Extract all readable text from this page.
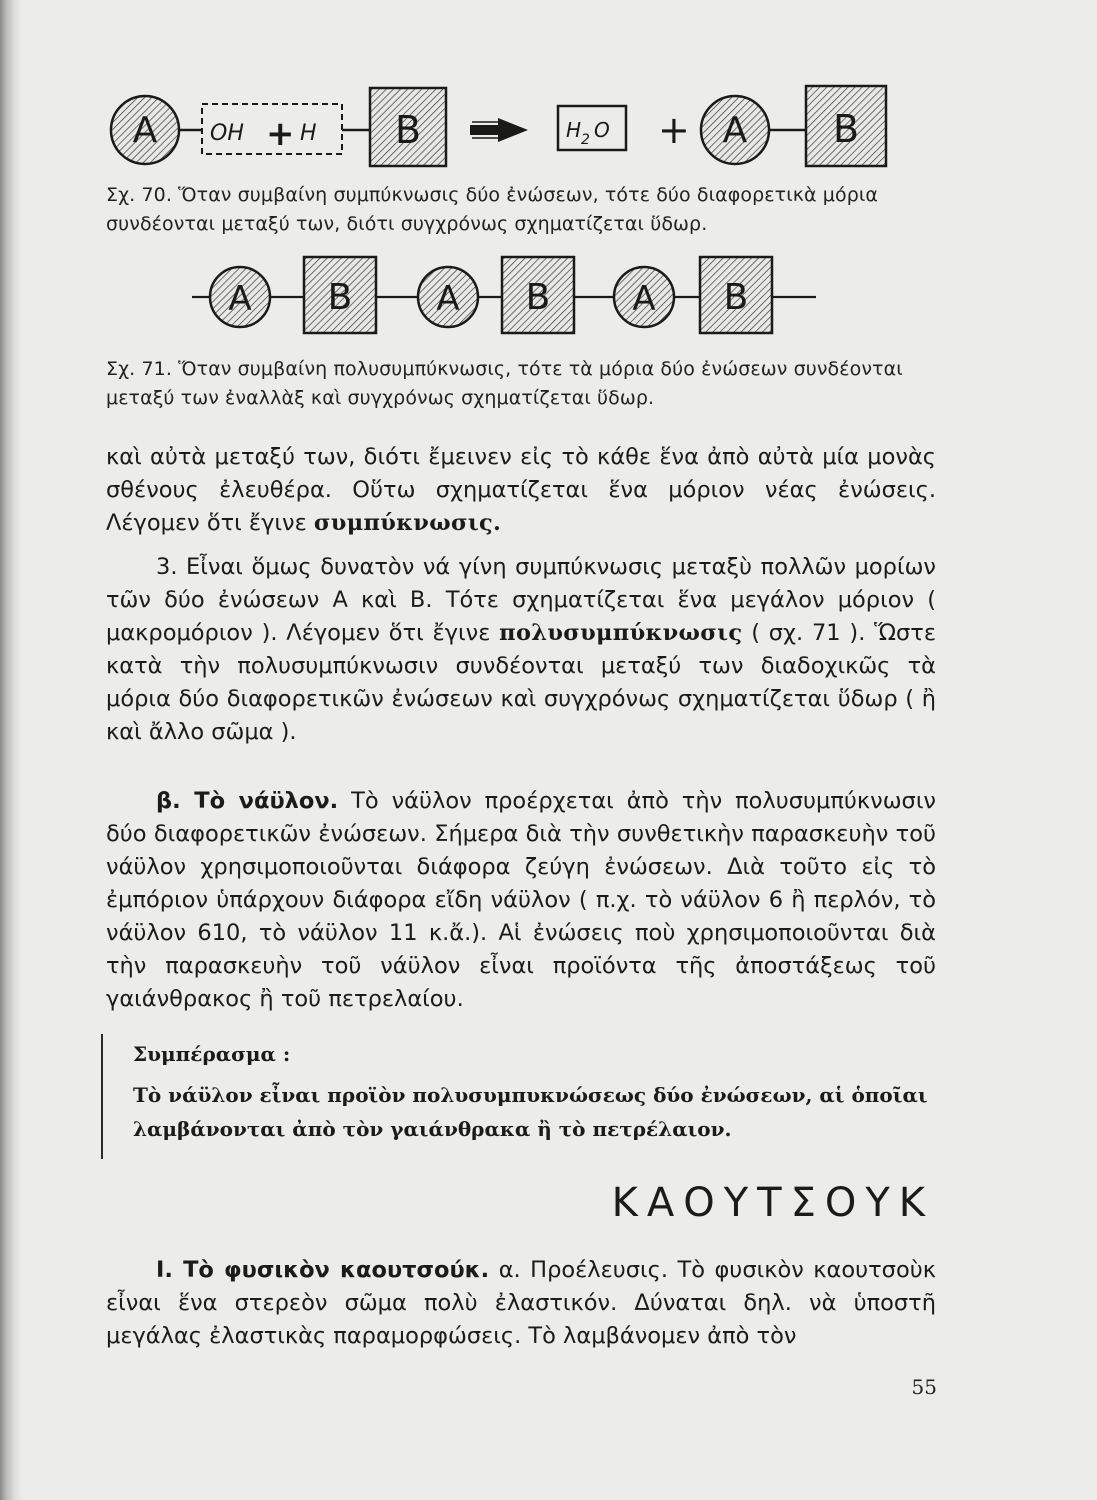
A OH + H B	H 2 O + A B
Σχ. 70. Ὅταν συμβαίνη συμπύκνωσις δύο ἐνώσεων, τότε δύο διαφορετικὰ μόρια συνδέονται μεταξύ των, διότι συγχρόνως σχηματίζεται ὕδωρ.
A B A B A B
Σχ. 71. Ὅταν συμβαίνη πολυσυμπύκνωσις, τότε τὰ μόρια δύο ἐνώσεων συνδέονται μεταξύ των ἐναλλὰξ καὶ συγχρόνως σχηματίζεται ὕδωρ.

καὶ αὐτὰ μεταξύ των, διότι ἔμεινεν εἰς τὸ κάθε ἕνα ἀπὸ αὐτὰ μία μονὰς σθένους ἐλευθέρα. Οὕτω σχηματίζεται ἕνα μόριον νέας ἐνώσεις. Λέγομεν ὅτι ἔγινε συμπύκνωσις.

3. Εἶναι ὅμως δυνατὸν νά γίνη συμπύκνωσις μεταξὺ πολλῶν μορίων τῶν δύο ἐνώσεων Α καὶ Β. Τότε σχηματίζεται ἕνα μεγάλον μόριον ( μακρομόριον ). Λέγομεν ὅτι ἔγινε πολυσυμπύκνωσις ( σχ. 71 ). Ὥστε κατὰ τὴν πολυσυμπύκνωσιν συνδέονται μεταξύ των διαδοχικῶς τὰ μόρια δύο διαφορετικῶν ἐνώσεων καὶ συγχρόνως σχηματίζεται ὕδωρ ( ἢ καὶ ἄλλο σῶμα ).

β. Τὸ νάϋλον. Τὸ νάϋλον προέρχεται ἀπὸ τὴν πολυσυμπύκνωσιν δύο διαφορετικῶν ἐνώσεων. Σήμερα διὰ τὴν συνθετικὴν παρασκευὴν τοῦ νάϋλον χρησιμοποιοῦνται διάφορα ζεύγη ἐνώσεων. Διὰ τοῦτο εἰς τὸ ἐμπόριον ὑπάρχουν διάφορα εἴδη νάϋλον ( π.χ. τὸ νάϋλον 6 ἢ περλόν, τὸ νάϋλον 610, τὸ νάϋλον 11 κ.ἄ.). Αἱ ἐνώσεις ποὺ χρησιμοποιοῦνται διὰ τὴν παρασκευὴν τοῦ νάϋλον εἶναι προϊόντα τῆς ἀποστάξεως τοῦ γαιάνθρακος ἢ τοῦ πετρελαίου.

Συμπέρασμα :
Τὸ νάϋλον εἶναι προϊὸν πολυσυμπυκνώσεως δύο ἐνώσεων, αἱ ὁποῖαι λαμβάνονται ἀπὸ τὸν γαιάνθρακα ἢ τὸ πετρέλαιον.
ΚΑΟΥΤΣΟΥΚ

Ι. Τὸ φυσικὸν καουτσούκ. α. Προέλευσις. Τὸ φυσικὸν καουτσοὺκ εἶναι ἕνα στερεὸν σῶμα πολὺ ἐλαστικόν. Δύναται δηλ. νὰ ὑποστῆ μεγάλας ἐλαστικὰς παραμορφώσεις. Τὸ λαμβάνομεν ἀπὸ τὸν

55
